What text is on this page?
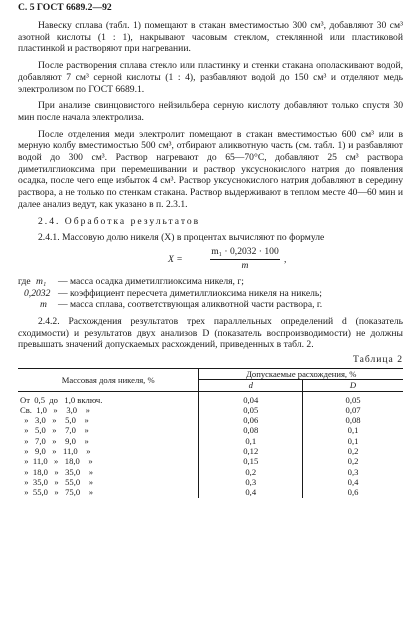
С. 5 ГОСТ 6689.2—92

Навеску сплава (табл. 1) помещают в стакан вместимостью 300 см³, добавляют 30 см³ азотной кислоты (1 : 1), накрывают часовым стеклом, стеклянной или пластиковой пластинкой и растворяют при нагревании.

После растворения сплава стекло или пластинку и стенки стакана ополаскивают водой, добавляют 7 см³ серной кислоты (1 : 4), разбавляют водой до 150 см³ и отделяют медь электролизом по ГОСТ 6689.1.

При анализе свинцовистого нейзильбера серную кислоту добавляют только спустя 30 мин после начала электролиза.

После отделения меди электролит помещают в стакан вместимостью 600 см³ или в мерную колбу вместимостью 500 см³, отбирают аликвотную часть (см. табл. 1) и разбавляют водой до 300 см³. Раствор нагревают до 65—70°С, добавляют 25 см³ раствора диметилглиоксима при перемешивании и раствор уксуснокислого натрия до появления осадка, после чего еще избыток 4 см³. Раствор уксуснокислого натрия добавляют в середину раствора, а не только по стенкам стакана. Раствор выдерживают в теплом месте 40—60 мин и далее анализ ведут, как указано в п. 2.3.1.

2.4. Обработка результатов

2.4.1. Массовую долю никеля (X) в процентах вычисляют по формуле

X =	$\frac{\text{m₁ · 0,2032 · 100}}{m}$ ,
где m₁	— масса осадка диметилглиоксима никеля, г;
0,2032 — коэффициент пересчета диметилглиоксима никеля на никель;
m	— масса сплава, соответствующая аликвотной части раствора, г.

2.4.2. Расхождения результатов трех параллельных определений d (показатель сходимости) и результатов двух анализов D (показатель воспроизводимости) не должны превышать значений допускаемых расхождений, приведенных в табл. 2.

Таблица 2
Массовая доля никеля, %	Допускаемые расхождения, %	
	d	D
От  0,5  до   1,0 включ.	0,04	0,05
Св.  1,0   »    3,0    »	0,05	0,07
»   3,0   »    5,0    »	0,06	0,08
»   5,0   »    7,0    »	0,08	0,1
»   7,0   »    9,0    »	0,1	0,1
»   9,0   »   11,0    »	0,12	0,2
»  11,0   »   18,0    »	0,15	0,2
»  18,0   »   35,0    »	0,2	0,3
»  35,0   »   55,0    »	0,3	0,4
»  55,0   »   75,0    »	0,4	0,6
